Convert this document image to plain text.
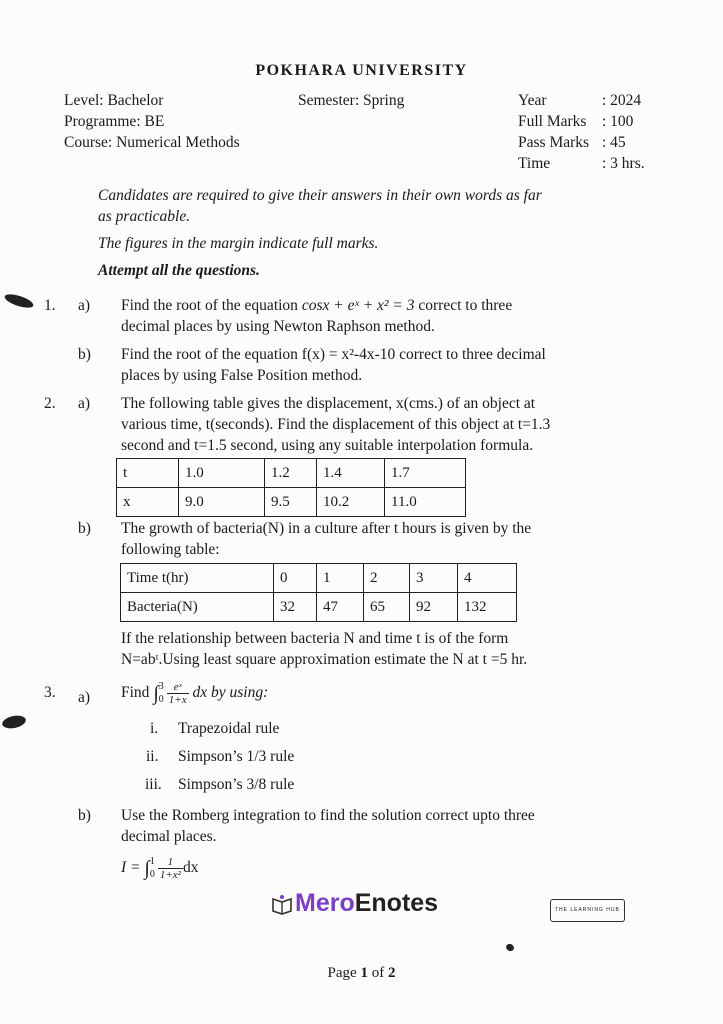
POKHARA UNIVERSITY
Level: Bachelor
Programme: BE
Course: Numerical Methods
Semester: Spring	Year	: 2024
Full Marks : 100
Pass Marks : 45
Time	: 3 hrs.
Candidates are required to give their answers in their own words as far
as practicable.
The figures in the margin indicate full marks.
Attempt all the questions.
1. a) Find the root of the equation cosx + eˣ + x² = 3 correct to three
decimal places by using Newton Raphson method.
b) Find the root of the equation f(x) = x²-4x-10 correct to three decimal
places by using False Position method.
2. a) The following table gives the displacement, x(cms.) of an object at
various time, t(seconds). Find the displacement of this object at t=1.3
second and t=1.5 second, using any suitable interpolation formula.
t	1.0	1.2	1.4	1.7
x	9.0	9.5	10.2	11.0
b) The growth of bacteria(N) in a culture after t hours is given by the
following table:
Time t(hr)	0	1	2	3	4
Bacteria(N)	32	47	65	92	132
If the relationship between bacteria N and time t is of the form
N=abᵗ.Using least square approximation estimate the N at t =5 hr.
3. a) Find ∫ 3
$0 \frac{\text{eˣ}}{1+x}$ dx by using:
i. Trapezoidal rule
ii. Simpson’s 1/3 rule
iii. Simpson’s 3/8 rule
b) Use the Romberg integration to find the solution correct upto three
decimal places.
I = ∫ 1
$0 \frac{1}{\text{1+x²}}$ dx
MeroEnotes	THE LEARNING HUB
Page 1 of 2
